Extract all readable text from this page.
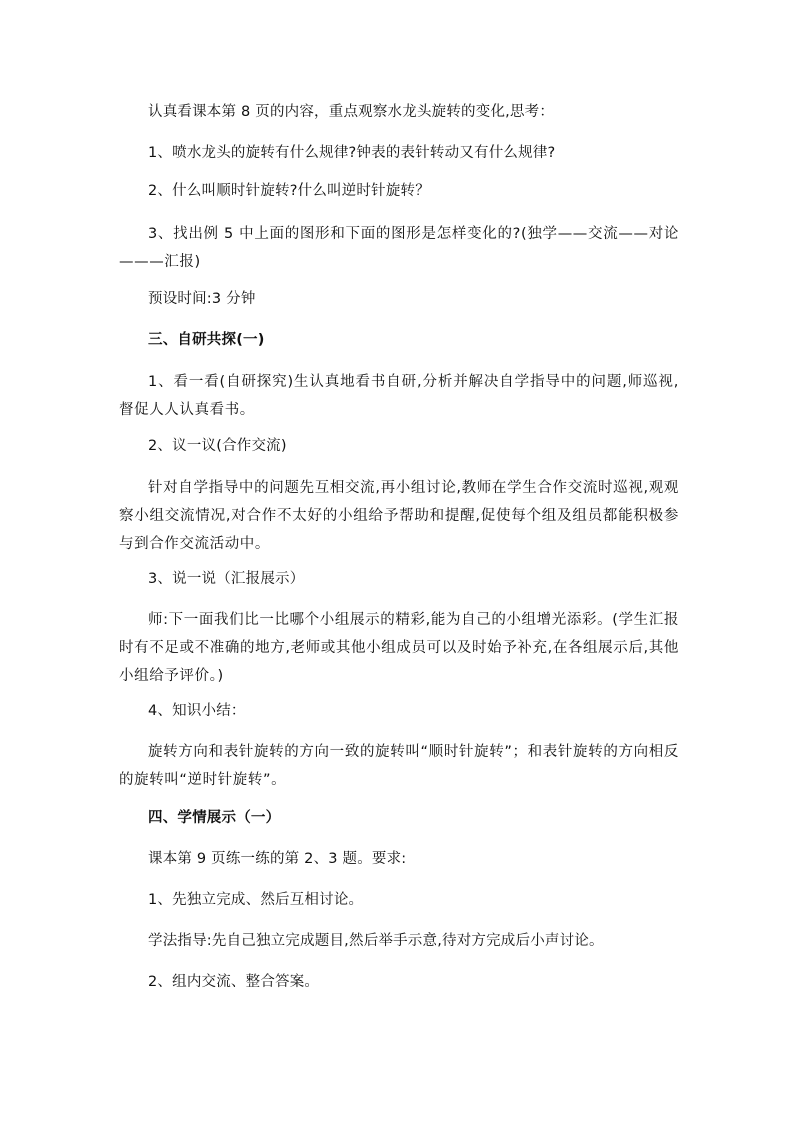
认真看课本第 8 页的内容，重点观察水龙头旋转的变化,思考：
1、喷水龙头的旋转有什么规律?钟表的表针转动又有什么规律?
2、什么叫顺时针旋转?什么叫逆时针旋转？
3、找出例 5 中上面的图形和下面的图形是怎样变化的?(独学——交流——对论———汇报)
预设时间:3 分钟
三、自研共探(一)
1、看一看(自研探究)生认真地看书自研,分析并解决自学指导中的问题,师巡视,督促人人认真看书。
2、议一议(合作交流)
针对自学指导中的问题先互相交流,再小组讨论,教师在学生合作交流时巡视,观观察小组交流情况,对合作不太好的小组给予帮助和提醒,促使每个组及组员都能积极参与到合作交流活动中。
3、说一说（汇报展示）
师:下一面我们比一比哪个小组展示的精彩,能为自己的小组增光添彩。(学生汇报时有不足或不准确的地方,老师或其他小组成员可以及时始予补充,在各组展示后,其他小组给予评价。)
4、知识小结：
旋转方向和表针旋转的方向一致的旋转叫“顺时针旋转”；和表针旋转的方向相反的旋转叫“逆时针旋转”。
四、学情展示（一）
课本第 9 页练一练的第 2、3 题。要求:
1、先独立完成、然后互相讨论。
学法指导:先自己独立完成题目,然后举手示意,待对方完成后小声讨论。
2、组内交流、整合答案。
